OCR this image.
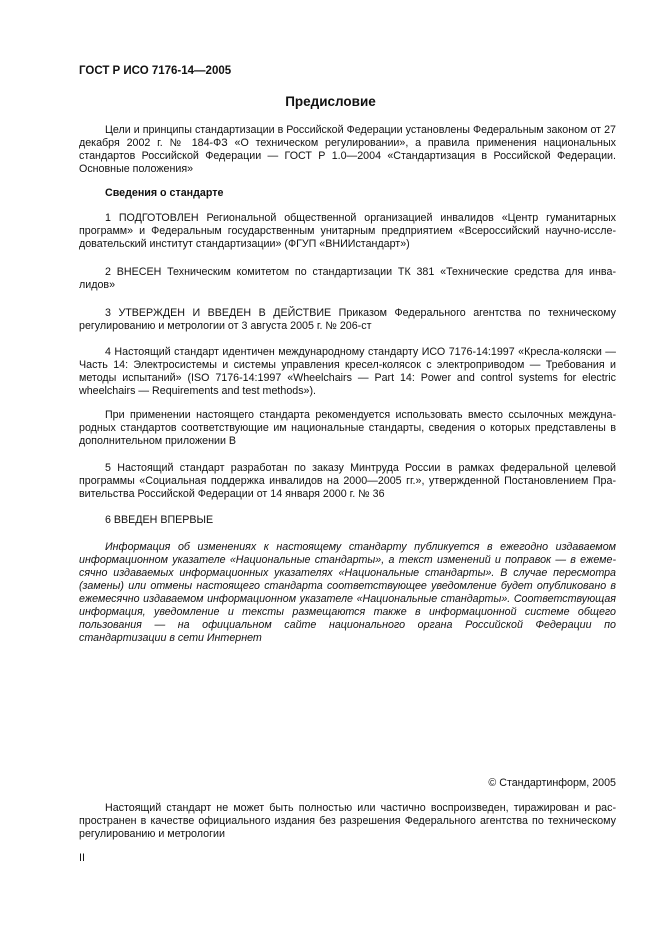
ГОСТ Р ИСО 7176-14—2005
Предисловие
Цели и принципы стандартизации в Российской Федерации установлены Федеральным законом от 27 декабря 2002 г. № 184-ФЗ «О техническом регулировании», а правила применения национальных стандартов Российской Федерации — ГОСТ Р 1.0—2004 «Стандартизация в Российской Федерации. Основные положения»
Сведения о стандарте
1 ПОДГОТОВЛЕН Региональной общественной организацией инвалидов «Центр гуманитарных программ» и Федеральным государственным унитарным предприятием «Всероссийский научно-исследовательский институт стандартизации» (ФГУП «ВНИИстандарт»)
2 ВНЕСЕН Техническим комитетом по стандартизации ТК 381 «Технические средства для инвалидов»
3 УТВЕРЖДЕН И ВВЕДЕН В ДЕЙСТВИЕ Приказом Федерального агентства по техническому регулированию и метрологии от 3 августа 2005 г. № 206-ст
4 Настоящий стандарт идентичен международному стандарту ИСО 7176-14:1997 «Кресла-коляски — Часть 14: Электросистемы и системы управления кресел-колясок с электроприводом — Требования и методы испытаний» (ISO 7176-14:1997 «Wheelchairs — Part 14: Power and control systems for electric wheelchairs — Requirements and test methods»).
При применении настоящего стандарта рекомендуется использовать вместо ссылочных международных стандартов соответствующие им национальные стандарты, сведения о которых представлены в дополнительном приложении В
5 Настоящий стандарт разработан по заказу Минтруда России в рамках федеральной целевой программы «Социальная поддержка инвалидов на 2000—2005 гг.», утвержденной Постановлением Правительства Российской Федерации от 14 января 2000 г. № 36
6 ВВЕДЕН ВПЕРВЫЕ
Информация об изменениях к настоящему стандарту публикуется в ежегодно издаваемом информационном указателе «Национальные стандарты», а текст изменений и поправок — в ежемесячно издаваемых информационных указателях «Национальные стандарты». В случае пересмотра (замены) или отмены настоящего стандарта соответствующее уведомление будет опубликовано в ежемесячно издаваемом информационном указателе «Национальные стандарты». Соответствующая информация, уведомление и тексты размещаются также в информационной системе общего пользования — на официальном сайте национального органа Российской Федерации по стандартизации в сети Интернет
© Стандартинформ, 2005
Настоящий стандарт не может быть полностью или частично воспроизведен, тиражирован и распространен в качестве официального издания без разрешения Федерального агентства по техническому регулированию и метрологии
II
